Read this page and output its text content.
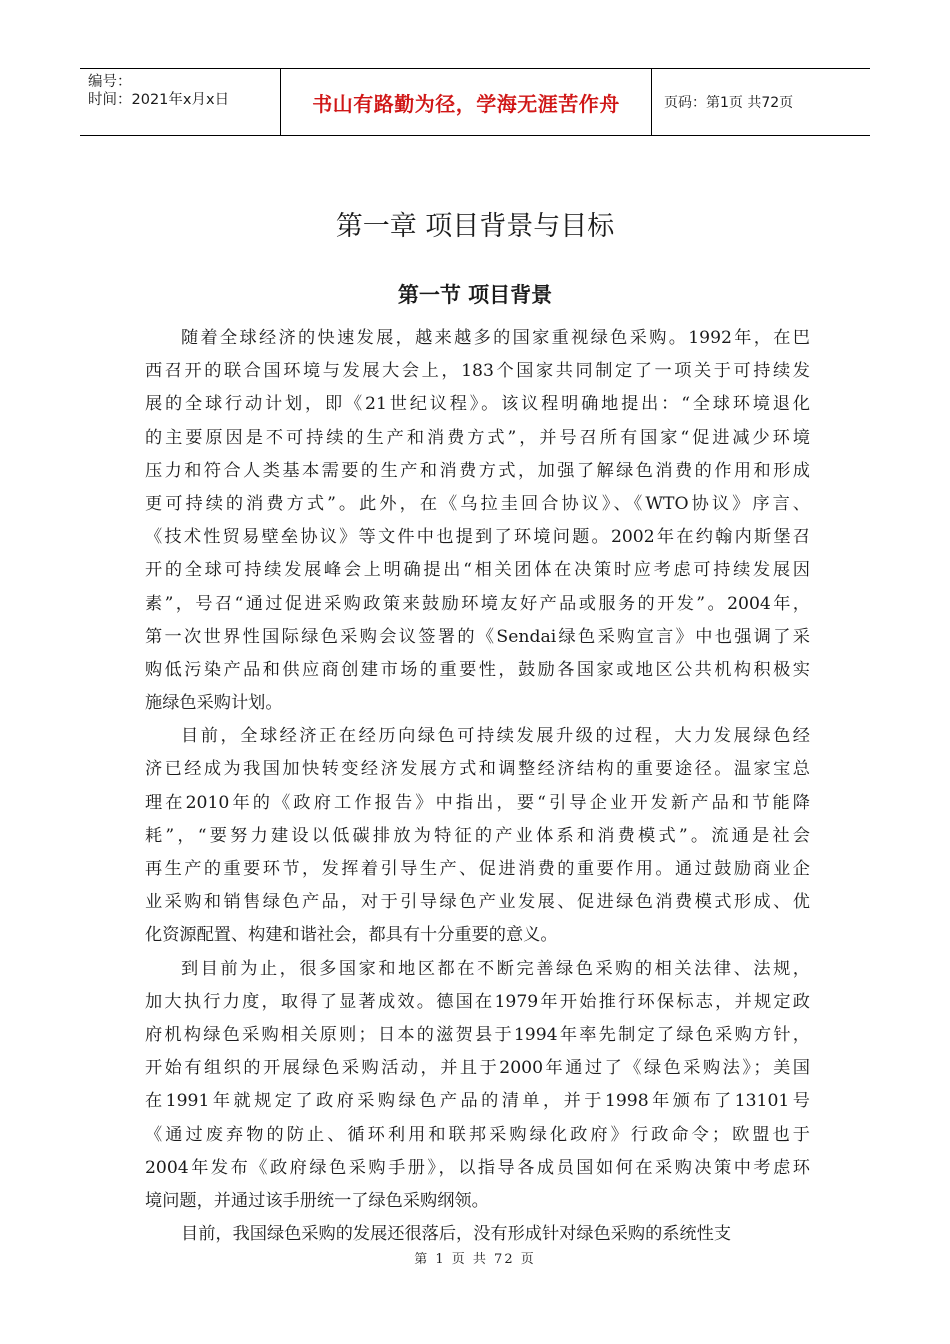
编号：
时间：2021年x月x日	书山有路勤为径，学海无涯苦作舟	页码：第1页 共72页
第一章 项目背景与目标
第一节 项目背景
随着全球经济的快速发展，越来越多的国家重视绿色采购。1992年，在巴
西召开的联合国环境与发展大会上，183个国家共同制定了一项关于可持续发
展的全球行动计划，即《21世纪议程》。该议程明确地提出：“全球环境退化
的主要原因是不可持续的生产和消费方式”，并号召所有国家“促进减少环境
压力和符合人类基本需要的生产和消费方式，加强了解绿色消费的作用和形成
更可持续的消费方式”。此外，在《乌拉圭回合协议》、《WTO协议》序言、
《技术性贸易壁垒协议》等文件中也提到了环境问题。2002年在约翰内斯堡召
开的全球可持续发展峰会上明确提出“相关团体在决策时应考虑可持续发展因
素”，号召“通过促进采购政策来鼓励环境友好产品或服务的开发”。2004年，
第一次世界性国际绿色采购会议签署的《Sendai绿色采购宣言》中也强调了采
购低污染产品和供应商创建市场的重要性，鼓励各国家或地区公共机构积极实
施绿色采购计划。
目前，全球经济正在经历向绿色可持续发展升级的过程，大力发展绿色经
济已经成为我国加快转变经济发展方式和调整经济结构的重要途径。温家宝总
理在2010年的《政府工作报告》中指出，要“引导企业开发新产品和节能降
耗”，“要努力建设以低碳排放为特征的产业体系和消费模式”。流通是社会
再生产的重要环节，发挥着引导生产、促进消费的重要作用。通过鼓励商业企
业采购和销售绿色产品，对于引导绿色产业发展、促进绿色消费模式形成、优
化资源配置、构建和谐社会，都具有十分重要的意义。
到目前为止，很多国家和地区都在不断完善绿色采购的相关法律、法规，
加大执行力度，取得了显著成效。德国在1979年开始推行环保标志，并规定政
府机构绿色采购相关原则；日本的滋贺县于1994年率先制定了绿色采购方针，
开始有组织的开展绿色采购活动，并且于2000年通过了《绿色采购法》；美国
在1991年就规定了政府采购绿色产品的清单，并于1998年颁布了13101号
《通过废弃物的防止、循环利用和联邦采购绿化政府》行政命令；欧盟也于
2004年发布《政府绿色采购手册》，以指导各成员国如何在采购决策中考虑环
境问题，并通过该手册统一了绿色采购纲领。
目前，我国绿色采购的发展还很落后，没有形成针对绿色采购的系统性支
第 1 页 共 72 页
